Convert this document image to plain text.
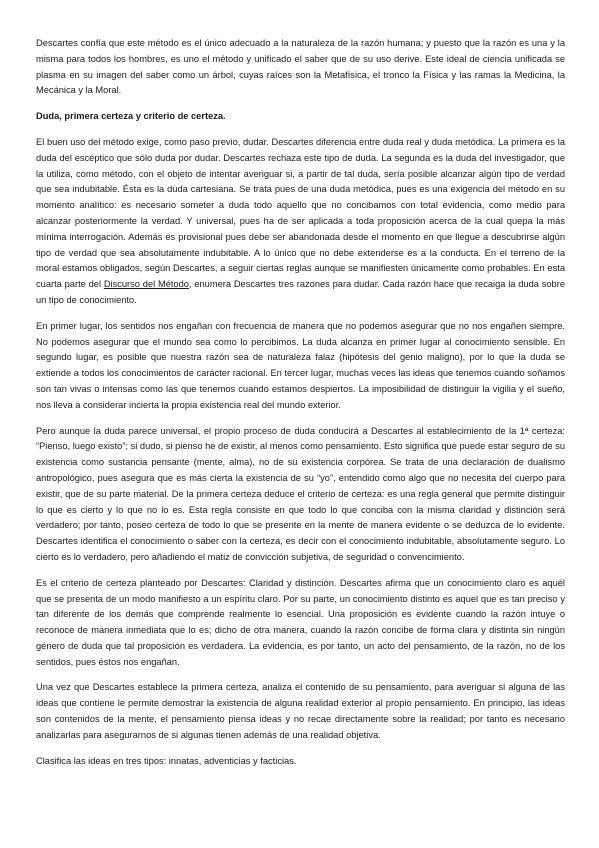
Descartes confía que este método es el único adecuado a la naturaleza de la razón humana; y puesto que la razón es una y la misma para todos los hombres, es uno el método y unificado el saber que de su uso derive. Este ideal de ciencia unificada se plasma en su imagen del saber como un árbol, cuyas raíces son la Metafísica, el tronco la Física y las ramas la Medicina, la Mecánica y la Moral.

Duda, primera certeza y criterio de certeza.

El buen uso del método exige, como paso previo, dudar. Descartes diferencia entre duda real y duda metódica. La primera es la duda del escéptico que sólo duda por dudar. Descartes rechaza este tipo de duda. La segunda es la duda del investigador, que la utiliza, como método, con el objeto de intentar averiguar si, a partir de tal duda, sería posible alcanzar algún tipo de verdad que sea indubitable. Ésta es la duda cartesiana. Se trata pues de una duda metódica, pues es una exigencia del método en su momento analítico: es necesario someter a duda todo aquello que no concibamos con total evidencia, como medio para alcanzar posteriormente la verdad. Y universal, pues ha de ser aplicada a toda proposición acerca de la cual quepa la más mínima interrogación. Además es provisional pues debe ser abandonada desde el momento en que llegue a descubrirse algún tipo de verdad que sea absolutamente indubitable. A lo único que no debe extenderse es a la conducta. En el terreno de la moral estamos obligados, según Descartes, a seguir ciertas reglas aunque se manifiesten únicamente como probables. En esta cuarta parte del Discurso del Método, enumera Descartes tres razones para dudar. Cada razón hace que recaiga la duda sobre un tipo de conocimiento.

En primer lugar, los sentidos nos engañan con frecuencia de manera que no podemos asegurar que no nos engañen siempre. No podemos asegurar que el mundo sea como lo percibimos. La duda alcanza en primer lugar al conocimiento sensible. En segundo lugar, es posible que nuestra razón sea de naturaleza falaz (hipótesis del genio maligno), por lo que la duda se extiende a todos los conocimientos de carácter racional. En tercer lugar, muchas veces las ideas que tenemos cuando soñamos son tan vivas o intensas como las que tenemos cuando estamos despiertos. La imposibilidad de distinguir la vigilia y el sueño, nos lleva a considerar incierta la propia existencia real del mundo exterior.

Pero aunque la duda parece universal, el propio proceso de duda conducirá a Descartes al establecimiento de la 1ª certeza: “Pienso, luego existo”; si dudo, si pienso he de existir, al menos como pensamiento. Esto significa que puede estar seguro de su existencia como sustancia pensante (mente, alma), no de su existencia corpórea. Se trata de una declaración de dualismo antropológico, pues asegura que es más cierta la existencia de su “yo”, entendido como algo que no necesita del cuerpo para existir, que de su parte material. De la primera certeza deduce el criterio de certeza: es una regla general que permite distinguir lo que es cierto y lo que no lo es. Esta regla consiste en que todo lo que conciba con la misma claridad y distinción será verdadero; por tanto, poseo certeza de todo lo que se presente en la mente de manera evidente o se deduzca de lo evidente. Descartes identifica el conocimiento o saber con la certeza, es decir con el conocimiento indubitable, absolutamente seguro. Lo cierto es lo verdadero, pero añadiendo el matiz de convicción subjetiva, de seguridad o convencimiento.

Es el criterio de certeza planteado por Descartes: Claridad y distinción. Descartes afirma que un conocimiento claro es aquél que se presenta de un modo manifiesto a un espíritu claro. Por su parte, un conocimiento distinto es aquel que es tan preciso y tan diferente de los demás que comprende realmente lo esencial. Una proposición es evidente cuando la razón intuye o reconoce de manera inmediata que lo es; dicho de otra manera, cuando la razón concibe de forma clara y distinta sin ningún género de duda que tal proposición es verdadera. La evidencia, es por tanto, un acto del pensamiento, de la razón, no de los sentidos, pues éstos nos engañan.

Una vez que Descartes establece la primera certeza, analiza el contenido de su pensamiento, para averiguar si alguna de las ideas que contiene le permite demostrar la existencia de alguna realidad exterior al propio pensamiento. En principio, las ideas son contenidos de la mente, el pensamiento piensa ideas y no recae directamente sobre la realidad; por tanto es necesario analizarlas para asegurarnos de si algunas tienen además de una realidad objetiva.

Clasifica las ideas en tres tipos: innatas, adventicias y facticias.
